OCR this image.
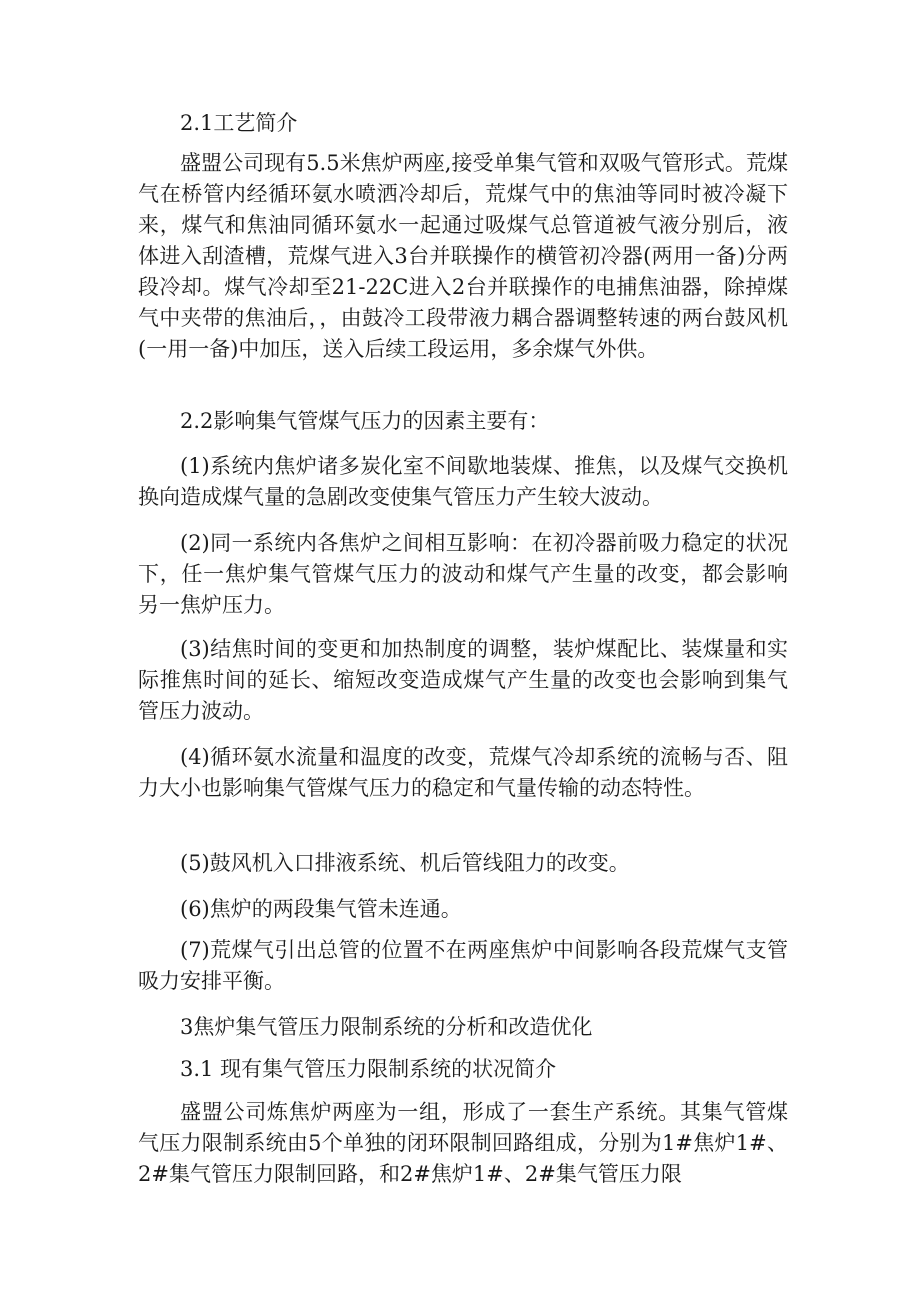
2.1工艺简介

盛盟公司现有5.5米焦炉两座,接受单集气管和双吸气管形式。荒煤气在桥管内经循环氨水喷洒冷却后，荒煤气中的焦油等同时被冷凝下来，煤气和焦油同循环氨水一起通过吸煤气总管道被气液分别后，液体进入刮渣槽，荒煤气进入3台并联操作的横管初冷器(两用一备)分两段冷却。煤气冷却至21-22C进入2台并联操作的电捕焦油器，除掉煤气中夹带的焦油后，，由鼓冷工段带液力耦合器调整转速的两台鼓风机(一用一备)中加压，送入后续工段运用，多余煤气外供。

2.2影响集气管煤气压力的因素主要有：

(1)系统内焦炉诸多炭化室不间歇地装煤、推焦，以及煤气交换机换向造成煤气量的急剧改变使集气管压力产生较大波动。

(2)同一系统内各焦炉之间相互影响：在初冷器前吸力稳定的状况下，任一焦炉集气管煤气压力的波动和煤气产生量的改变，都会影响另一焦炉压力。

(3)结焦时间的变更和加热制度的调整，装炉煤配比、装煤量和实际推焦时间的延长、缩短改变造成煤气产生量的改变也会影响到集气管压力波动。

(4)循环氨水流量和温度的改变，荒煤气冷却系统的流畅与否、阻力大小也影响集气管煤气压力的稳定和气量传输的动态特性。

(5)鼓风机入口排液系统、机后管线阻力的改变。

(6)焦炉的两段集气管未连通。

(7)荒煤气引出总管的位置不在两座焦炉中间影响各段荒煤气支管吸力安排平衡。

3焦炉集气管压力限制系统的分析和改造优化

3.1 现有集气管压力限制系统的状况简介

盛盟公司炼焦炉两座为一组，形成了一套生产系统。其集气管煤气压力限制系统由5个单独的闭环限制回路组成，分别为1#焦炉1#、2#集气管压力限制回路，和2#焦炉1#、2#集气管压力限
